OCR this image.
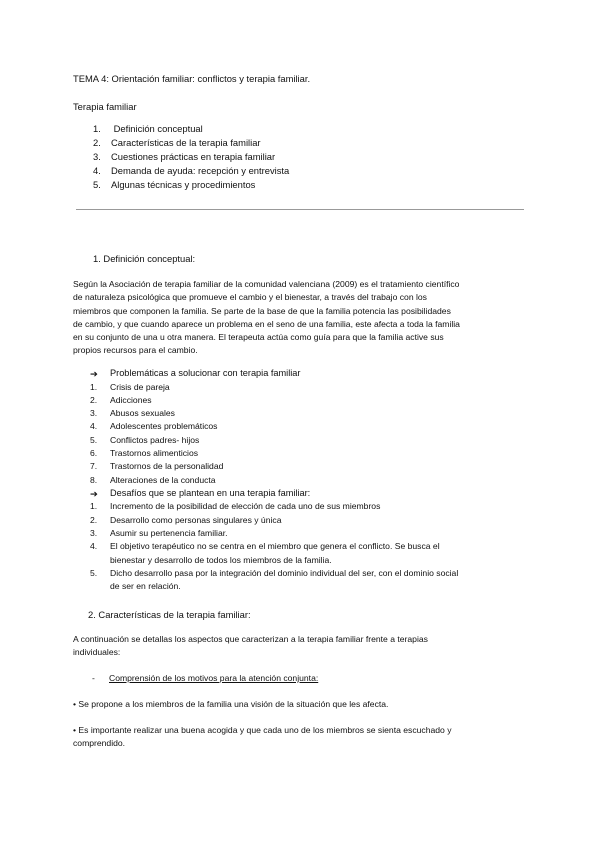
TEMA 4: Orientación familiar: conflictos y terapia familiar.
Terapia familiar
1. Definición conceptual
2. Características de la terapia familiar
3. Cuestiones prácticas en terapia familiar
4. Demanda de ayuda: recepción y entrevista
5. Algunas técnicas y procedimientos
1. Definición conceptual:
Según la Asociación de terapia familiar de la comunidad valenciana (2009) es el tratamiento científico
de naturaleza psicológica que promueve el cambio y el bienestar, a través del trabajo con los
miembros que componen la familia. Se parte de la base de que la familia potencia las posibilidades
de cambio, y que cuando aparece un problema en el seno de una familia, este afecta a toda la familia
en su conjunto de una u otra manera. El terapeuta actúa como guía para que la familia active sus
propios recursos para el cambio.
➔	Problemáticas a solucionar con terapia familiar
1.	Crisis de pareja
2.	Adicciones
3.	Abusos sexuales
4.	Adolescentes problemáticos
5.	Conflictos padres- hijos
6.	Trastornos alimenticios
7.	Trastornos de la personalidad
8.	Alteraciones de la conducta
➔	Desafíos que se plantean en una terapia familiar:
1.	Incremento de la posibilidad de elección de cada uno de sus miembros
2.	Desarrollo como personas singulares y única
3.	Asumir su pertenencia familiar.
4.	El objetivo terapéutico no se centra en el miembro que genera el conflicto. Se busca el
bienestar y desarrollo de todos los miembros de la familia.
5.	Dicho desarrollo pasa por la integración del dominio individual del ser, con el dominio social
de ser en relación.
2. Características de la terapia familiar:
A continuación se detallas los aspectos que caracterizan a la terapia familiar frente a terapias
individuales:
- Comprensión de los motivos para la atención conjunta:
• Se propone a los miembros de la familia una visión de la situación que les afecta.
• Es importante realizar una buena acogida y que cada uno de los miembros se sienta escuchado y
comprendido.
